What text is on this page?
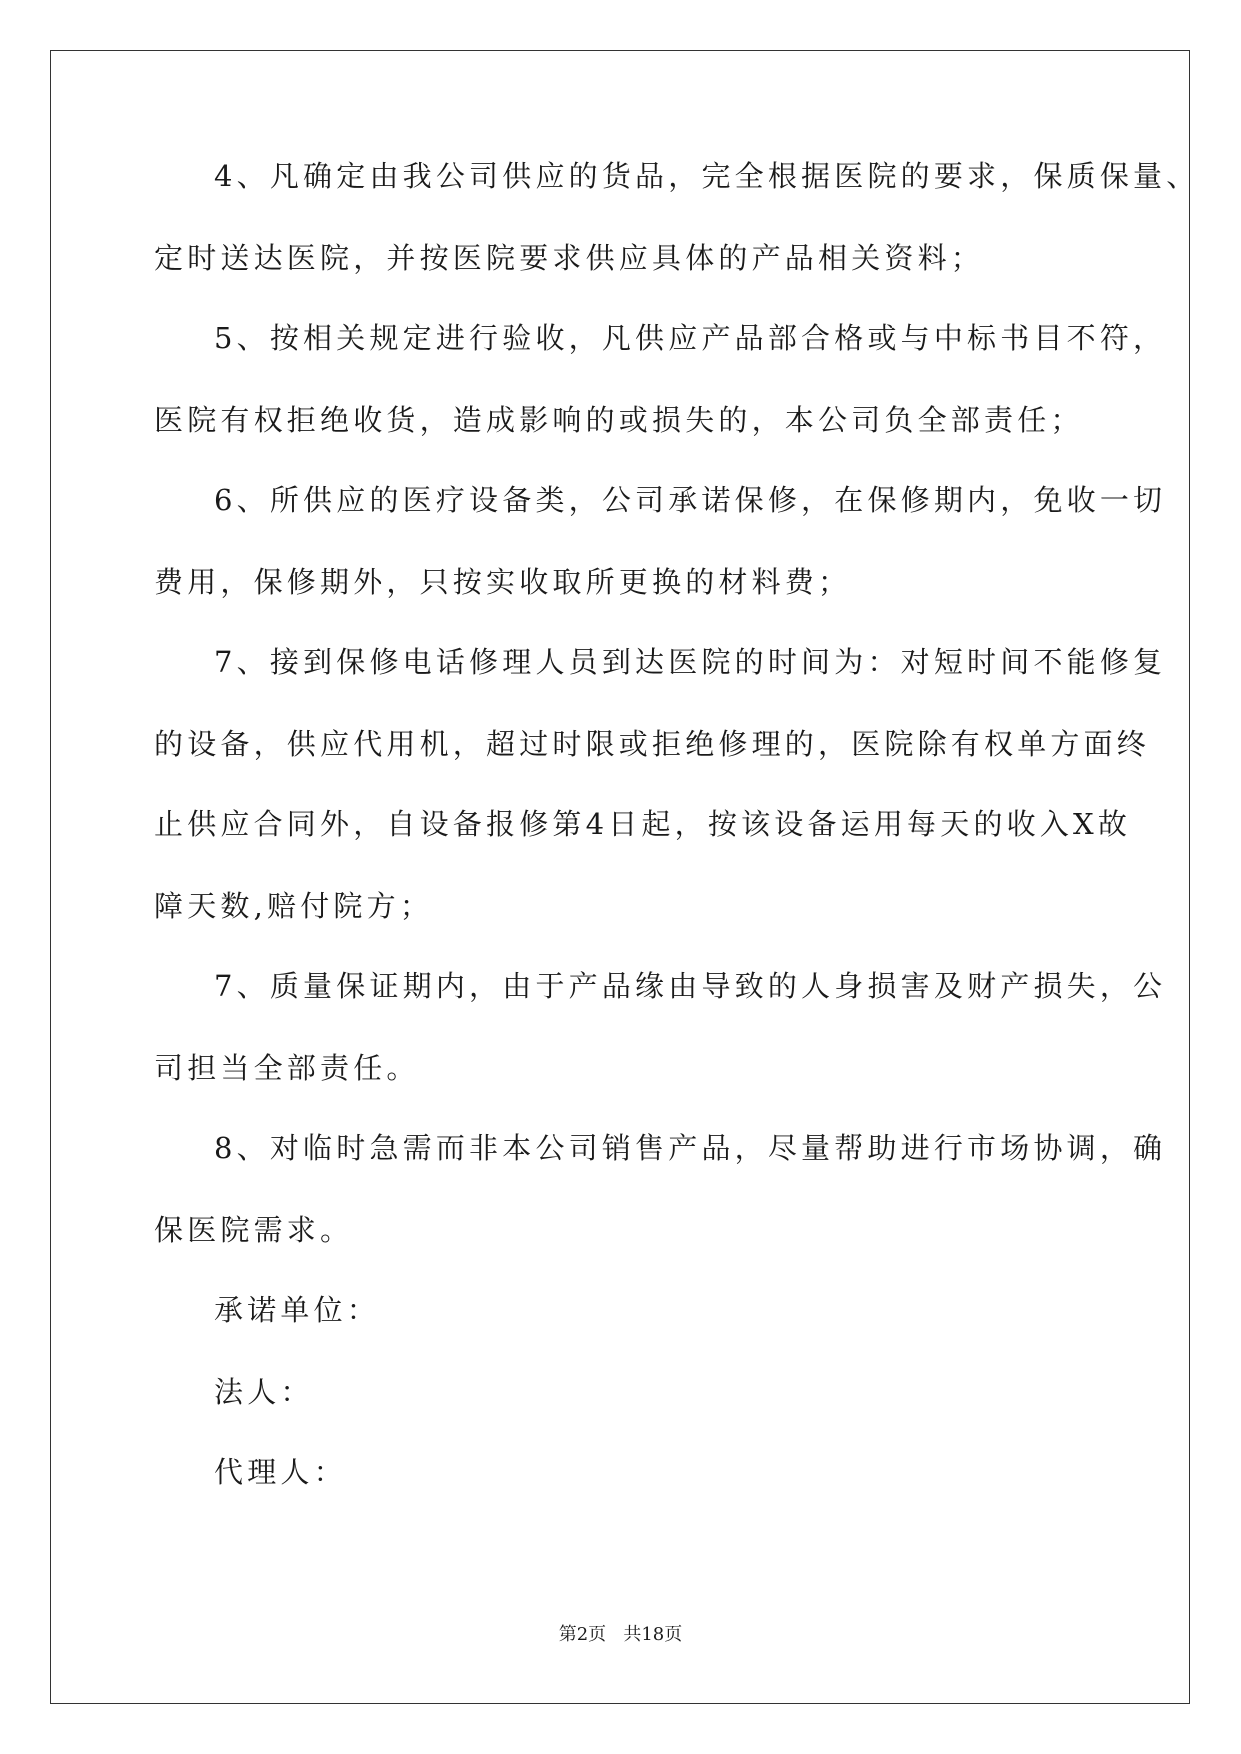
4、凡确定由我公司供应的货品，完全根据医院的要求，保质保量、
定时送达医院，并按医院要求供应具体的产品相关资料；
5、按相关规定进行验收，凡供应产品部合格或与中标书目不符，
医院有权拒绝收货，造成影响的或损失的，本公司负全部责任；
6、所供应的医疗设备类，公司承诺保修，在保修期内，免收一切
费用，保修期外，只按实收取所更换的材料费；
7、接到保修电话修理人员到达医院的时间为：对短时间不能修复
的设备，供应代用机，超过时限或拒绝修理的，医院除有权单方面终
止供应合同外，自设备报修第4日起，按该设备运用每天的收入X故
障天数,赔付院方；
7、质量保证期内，由于产品缘由导致的人身损害及财产损失，公
司担当全部责任。
8、对临时急需而非本公司销售产品，尽量帮助进行市场协调，确
保医院需求。
承诺单位：
法人：
代理人：
第2页   共18页
